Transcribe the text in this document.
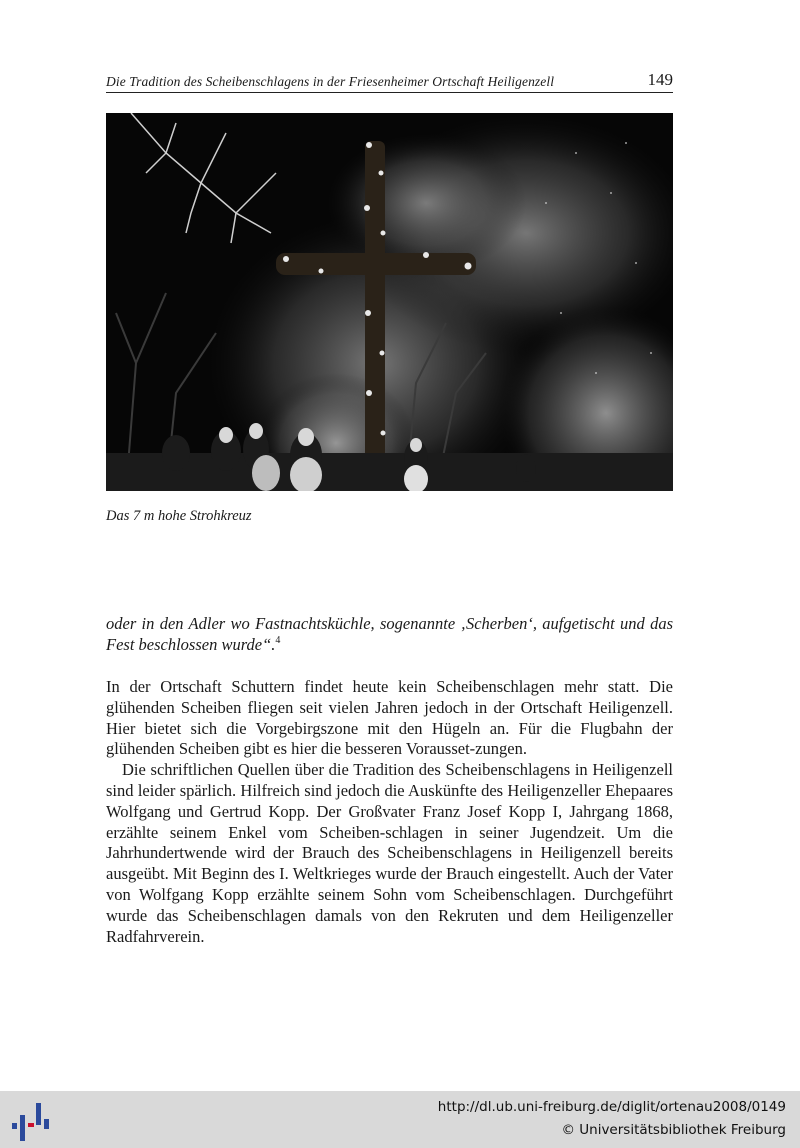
Die Tradition des Scheibenschlagens in der Friesenheimer Ortschaft Heiligenzell	149
Das 7 m hohe Strohkreuz
oder in den Adler wo Fastnachtsküchle, sogenannte ‚Scherben‘, aufgetischt und das Fest beschlossen wurde“.$^4$

In der Ortschaft Schuttern findet heute kein Scheibenschlagen mehr statt. Die glühenden Scheiben fliegen seit vielen Jahren jedoch in der Ortschaft Heiligenzell. Hier bietet sich die Vorgebirgszone mit den Hügeln an. Für die Flugbahn der glühenden Scheiben gibt es hier die besseren Vorausset-zungen.

Die schriftlichen Quellen über die Tradition des Scheibenschlagens in Heiligenzell sind leider spärlich. Hilfreich sind jedoch die Auskünfte des Heiligenzeller Ehepaares Wolfgang und Gertrud Kopp. Der Großvater Franz Josef Kopp I, Jahrgang 1868, erzählte seinem Enkel vom Scheiben-schlagen in seiner Jugendzeit. Um die Jahrhundertwende wird der Brauch des Scheibenschlagens in Heiligenzell bereits ausgeübt. Mit Beginn des I. Weltkrieges wurde der Brauch eingestellt. Auch der Vater von Wolfgang Kopp erzählte seinem Sohn vom Scheibenschlagen. Durchgeführt wurde das Scheibenschlagen damals von den Rekruten und dem Heiligenzeller Radfahrverein.

http://dl.ub.uni-freiburg.de/diglit/ortenau2008/0149
© Universitätsbibliothek Freiburg
